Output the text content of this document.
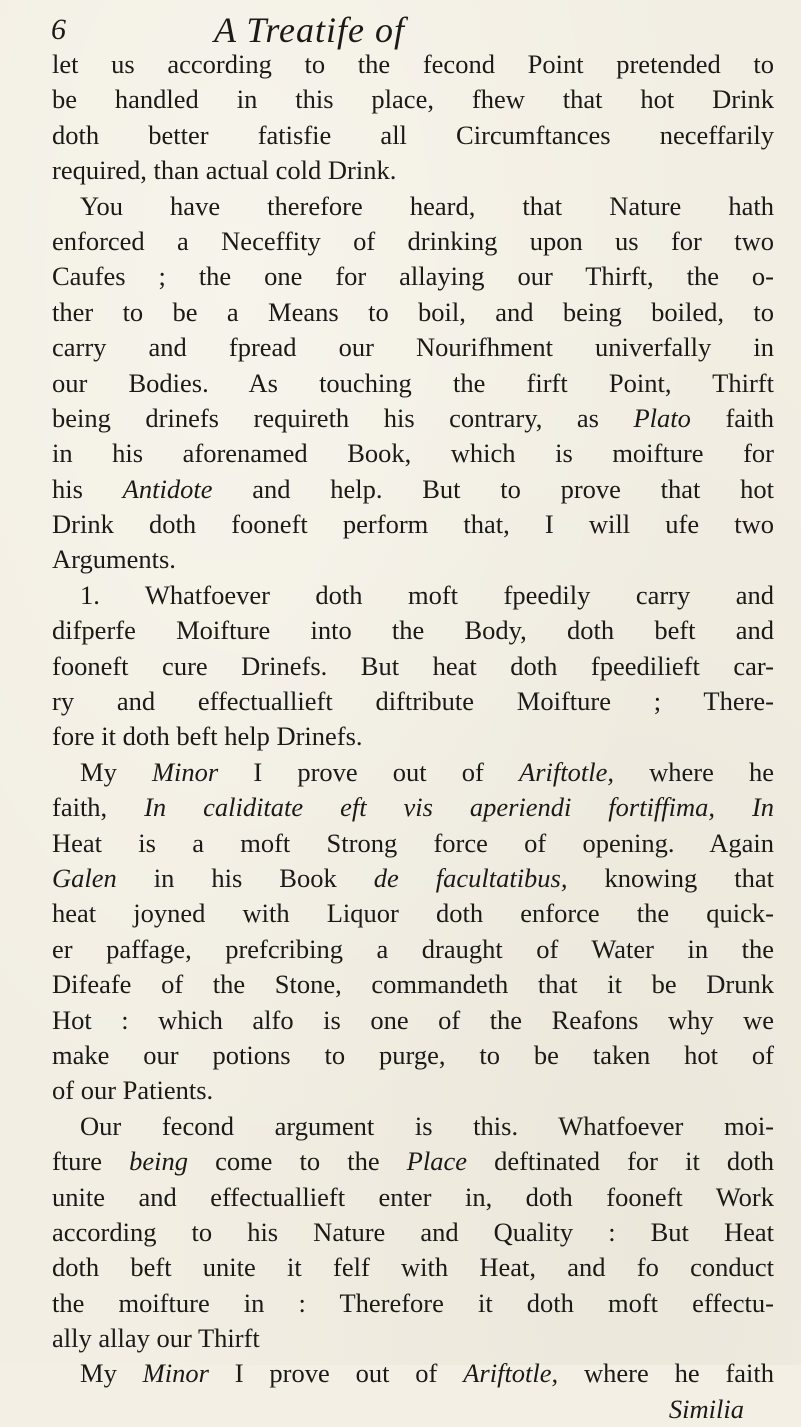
6	A Treatife of
let us according to the fecond Point pretended to
be handled in this place, fhew that hot Drink
doth better fatisfie all Circumftances neceffarily
required, than actual cold Drink.
You have therefore heard, that Nature hath
enforced a Neceffity of drinking upon us for two
Caufes ; the one for allaying our Thirft, the o-
ther to be a Means to boil, and being boiled, to
carry and fpread our Nourifhment univerfally in
our Bodies. As touching the firft Point, Thirft
being drinefs requireth his contrary, as Plato faith
in his aforenamed Book, which is moifture for
his Antidote and help. But to prove that hot
Drink doth fooneft perform that, I will ufe two
Arguments.
1. Whatfoever doth moft fpeedily carry and
difperfe Moifture into the Body, doth beft and
fooneft cure Drinefs. But heat doth fpeedilieft car-
ry and effectuallieft diftribute Moifture ; There-
fore it doth beft help Drinefs.
My Minor I prove out of Ariftotle, where he
faith, In caliditate eft vis aperiendi fortiffima, In
Heat is a moft Strong force of opening. Again
Galen in his Book de facultatibus, knowing that
heat joyned with Liquor doth enforce the quick-
er paffage, prefcribing a draught of Water in the
Difeafe of the Stone, commandeth that it be Drunk
Hot : which alfo is one of the Reafons why we
make our potions to purge, to be taken hot of
of our Patients.
Our fecond argument is this. Whatfoever moi-
fture being come to the Place deftinated for it doth
unite and effectuallieft enter in, doth fooneft Work
according to his Nature and Quality : But Heat
doth beft unite it felf with Heat, and fo conduct
the moifture in : Therefore it doth moft effectu-
ally allay our Thirft
My Minor I prove out of Ariftotle, where he faith
Similia
